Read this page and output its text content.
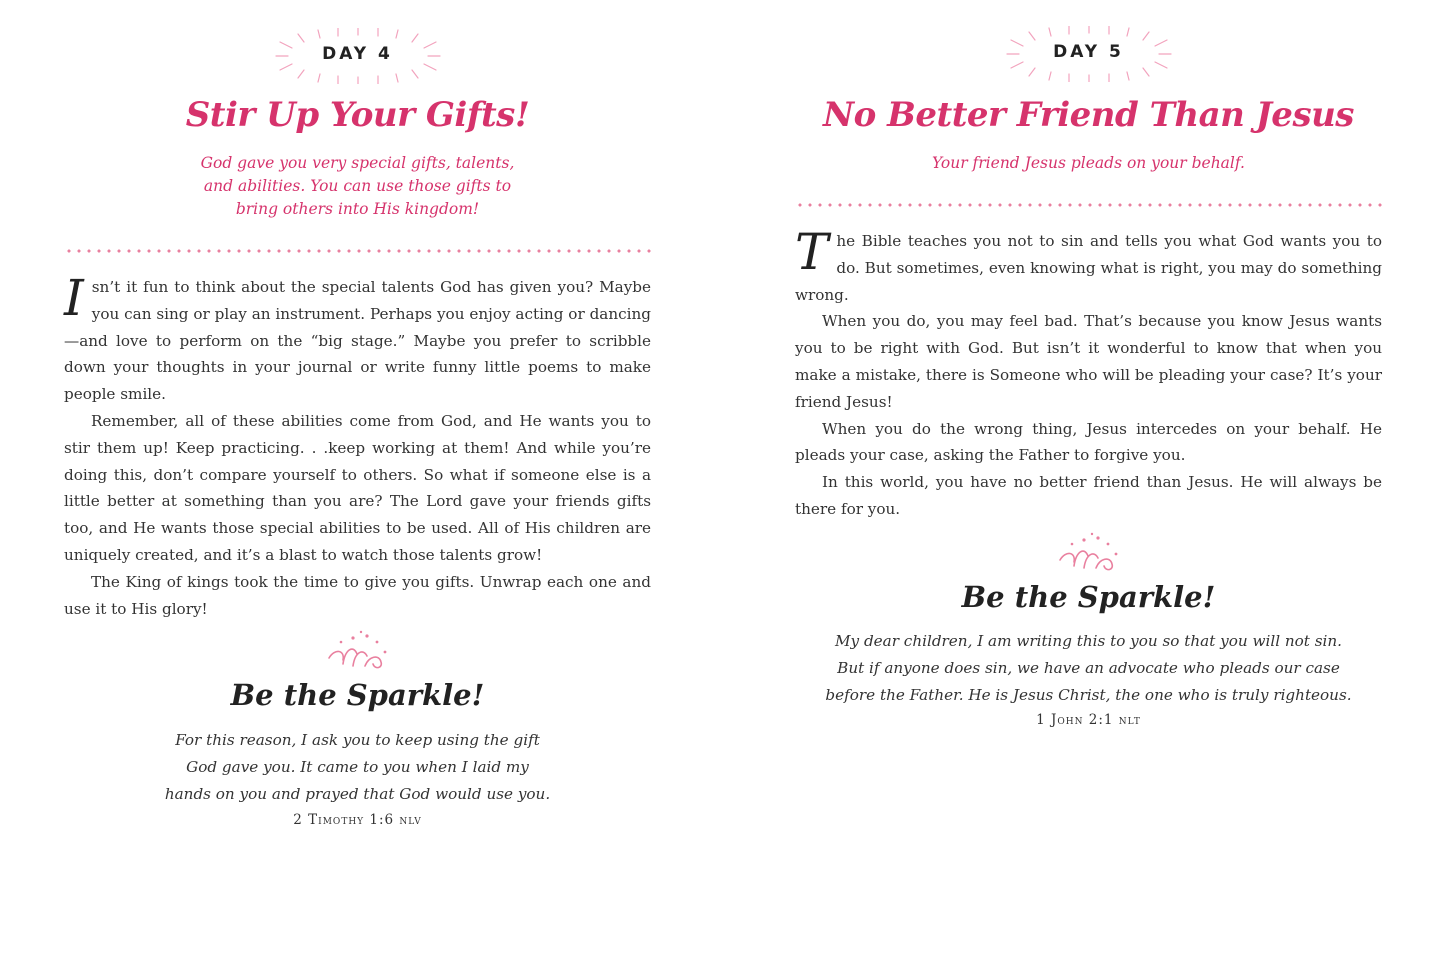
DAY 4
Stir Up Your Gifts!
God gave you very special gifts, talents, and abilities. You can use those gifts to bring others into His kingdom!

Isn’t it fun to think about the special talents God has given you? Maybe you can sing or play an instrument. Perhaps you enjoy acting or dancing—and love to perform on the “big stage.” Maybe you prefer to scribble down your thoughts in your journal or write funny little poems to make people smile.

Remember, all of these abilities come from God, and He wants you to stir them up! Keep practicing. . .keep working at them! And while you’re doing this, don’t compare yourself to others. So what if someone else is a little better at something than you are? The Lord gave your friends gifts too, and He wants those special abilities to be used. All of His children are uniquely created, and it’s a blast to watch those talents grow!

The King of kings took the time to give you gifts. Unwrap each one and use it to His glory!

Be the Sparkle!
For this reason, I ask you to keep using the gift
God gave you. It came to you when I laid my
hands on you and prayed that God would use you.
2 Timothy 1:6 nlv
DAY 5
No Better Friend Than Jesus
Your friend Jesus pleads on your behalf.

The Bible teaches you not to sin and tells you what God wants you to do. But sometimes, even knowing what is right, you may do something wrong.

When you do, you may feel bad. That’s because you know Jesus wants you to be right with God. But isn’t it wonderful to know that when you make a mistake, there is Someone who will be pleading your case? It’s your friend Jesus!

When you do the wrong thing, Jesus intercedes on your behalf. He pleads your case, asking the Father to forgive you.

In this world, you have no better friend than Jesus. He will always be there for you.

Be the Sparkle!
My dear children, I am writing this to you so that you will not sin.
But if anyone does sin, we have an advocate who pleads our case
before the Father. He is Jesus Christ, the one who is truly righteous.
1 John 2:1 nlt
